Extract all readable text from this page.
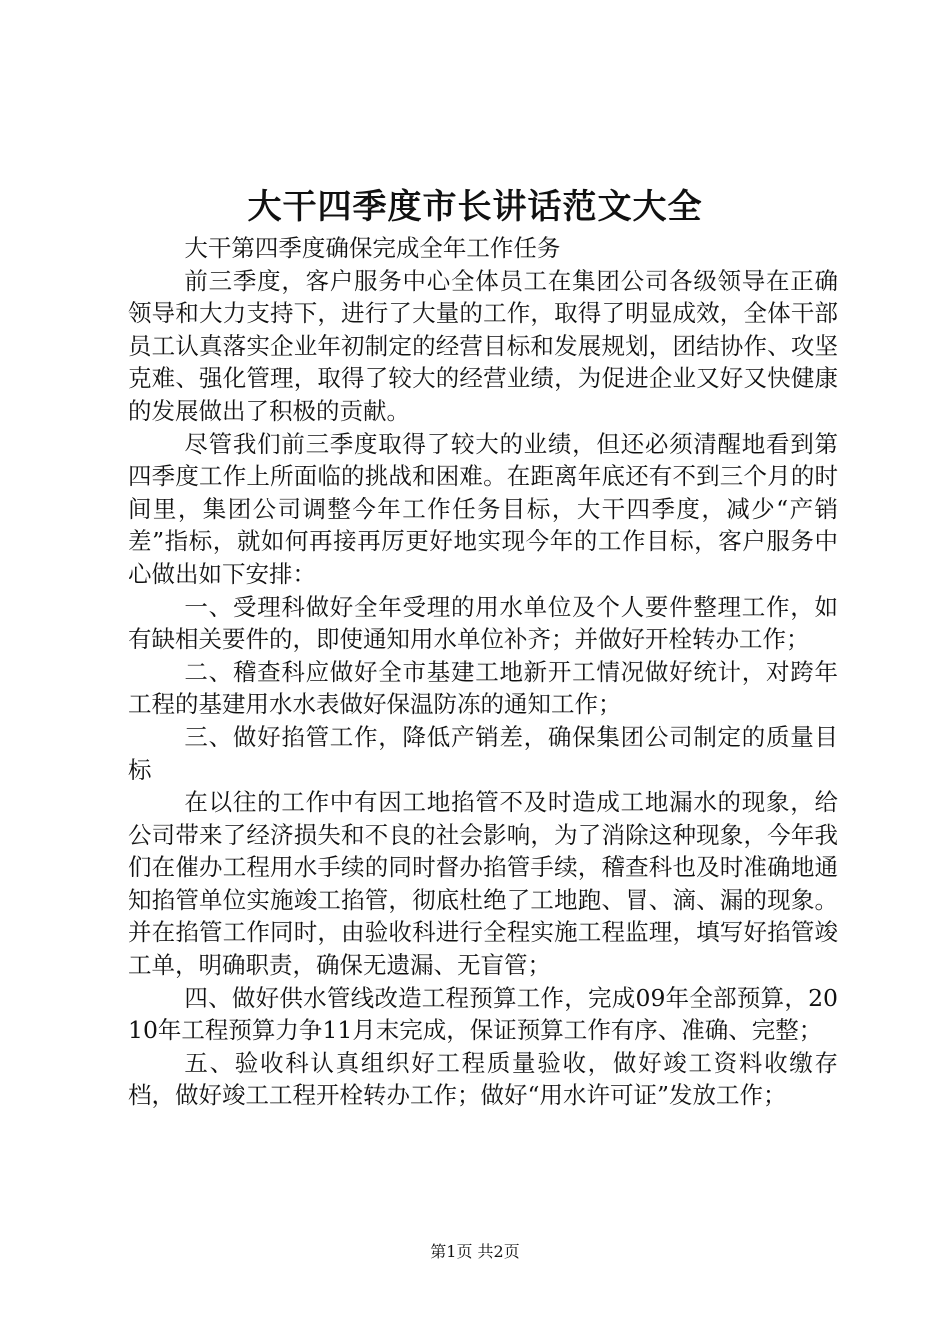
大干四季度市长讲话范文大全

大干第四季度确保完成全年工作任务

前三季度，客户服务中心全体员工在集团公司各级领导在正确领导和大力支持下，进行了大量的工作，取得了明显成效，全体干部员工认真落实企业年初制定的经营目标和发展规划，团结协作、攻坚克难、强化管理，取得了较大的经营业绩，为促进企业又好又快健康的发展做出了积极的贡献。

尽管我们前三季度取得了较大的业绩，但还必须清醒地看到第四季度工作上所面临的挑战和困难。在距离年底还有不到三个月的时间里，集团公司调整今年工作任务目标，大干四季度，减少“产销差”指标，就如何再接再厉更好地实现今年的工作目标，客户服务中心做出如下安排：

一、受理科做好全年受理的用水单位及个人要件整理工作，如有缺相关要件的，即使通知用水单位补齐；并做好开栓转办工作；

二、稽查科应做好全市基建工地新开工情况做好统计，对跨年工程的基建用水水表做好保温防冻的通知工作；

三、做好掐管工作，降低产销差，确保集团公司制定的质量目标

在以往的工作中有因工地掐管不及时造成工地漏水的现象，给公司带来了经济损失和不良的社会影响，为了消除这种现象，今年我们在催办工程用水手续的同时督办掐管手续，稽查科也及时准确地通知掐管单位实施竣工掐管，彻底杜绝了工地跑、冒、滴、漏的现象。并在掐管工作同时，由验收科进行全程实施工程监理，填写好掐管竣工单，明确职责，确保无遗漏、无盲管；

四、做好供水管线改造工程预算工作，完成09年全部预算，2010年工程预算力争11月末完成，保证预算工作有序、准确、完整；

五、验收科认真组织好工程质量验收，做好竣工资料收缴存档，做好竣工工程开栓转办工作；做好“用水许可证”发放工作；

第1页 共2页
